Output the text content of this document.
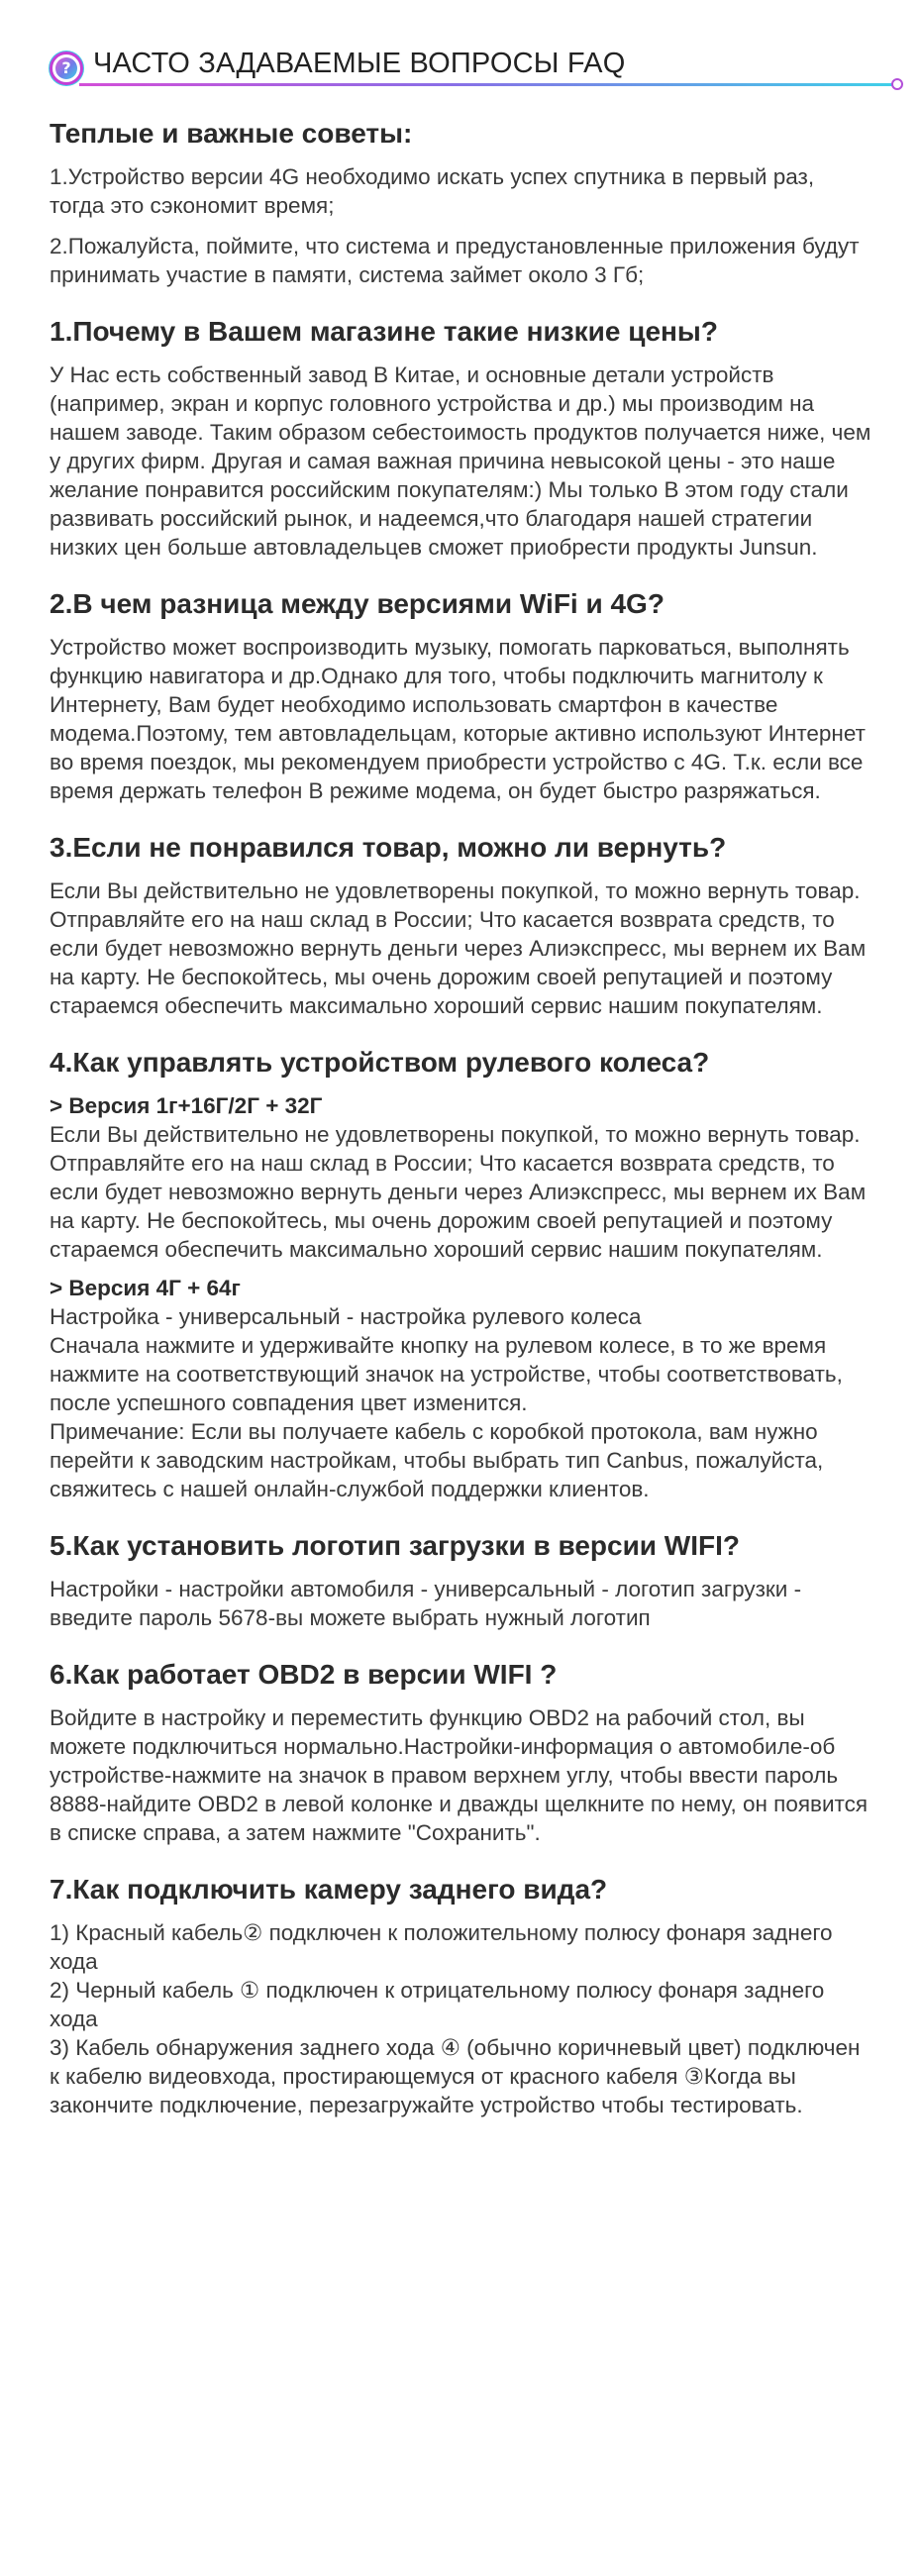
? ЧАСТО ЗАДАВАЕМЫЕ ВОПРОСЫ FAQ
Теплые и важные советы:

1.Устройство версии 4G необходимо искать успех спутника в первый раз, тогда это сэкономит время;

2.Пожалуйста, поймите, что система и предустановленные приложения будут принимать участие в памяти, система займет около 3 Гб;

1.Почему в Вашем магазине такие низкие цены?

У Нас есть собственный завод В Китае, и основные детали устройств (например, экран и корпус головного устройства и др.) мы производим на нашем заводе. Таким образом себестоимость продуктов получается ниже, чем у других фирм. Другая и самая важная причина невысокой цены - это наше желание понравится российским покупателям:) Мы только В этом году стали развивать российский рынок, и надеемся,что благодаря нашей стратегии низких цен больше автовладельцев сможет приобрести продукты Junsun.

2.В чем разница между версиями WiFi и 4G?

Устройство может воспроизводить музыку, помогать парковаться, выполнять функцию навигатора и др.Однако для того, чтобы подключить магнитолу к Интернету, Вам будет необходимо использовать смартфон в качестве модема.Поэтому, тем автовладельцам, которые активно используют Интернет во время поездок, мы рекомендуем приобрести устройство с 4G. Т.к. если все время держать телефон В режиме модема, он будет быстро разряжаться.

3.Если не понравился товар, можно ли вернуть?

Если Вы действительно не удовлетворены покупкой, то можно вернуть товар. Отправляйте его на наш склад в России; Что касается возврата средств, то если будет невозможно вернуть деньги через Алиэкспресс, мы вернем их Вам на карту. Не беспокойтесь, мы очень дорожим своей репутацией и поэтому стараемся обеспечить максимально хороший сервис нашим покупателям.

4.Как управлять устройством рулевого колеса?
> Версия 1г+16Г/2Г + 32Г

Если Вы действительно не удовлетворены покупкой, то можно вернуть товар. Отправляйте его на наш склад в России; Что касается возврата средств, то если будет невозможно вернуть деньги через Алиэкспресс, мы вернем их Вам на карту. Не беспокойтесь, мы очень дорожим своей репутацией и поэтому стараемся обеспечить максимально хороший сервис нашим покупателям.

> Версия 4Г + 64г

Настройка - универсальный - настройка рулевого колеса

Сначала нажмите и удерживайте кнопку на рулевом колесе, в то же время нажмите на соответствующий значок на устройстве, чтобы соответствовать, после успешного совпадения цвет изменится.

Примечание: Если вы получаете кабель с коробкой протокола, вам нужно перейти к заводским настройкам, чтобы выбрать тип Canbus, пожалуйста, свяжитесь с нашей онлайн-службой поддержки клиентов.

5.Как установить логотип загрузки в версии WIFI?

Настройки - настройки автомобиля - универсальный - логотип загрузки - введите пароль 5678-вы можете выбрать нужный логотип

6.Как работает OBD2 в версии WIFI ?

Войдите в настройку и переместить функцию OBD2 на рабочий стол, вы можете подключиться нормально.Настройки-информация о автомобиле-об устройстве-нажмите на значок в правом верхнем углу, чтобы ввести пароль 8888-найдите OBD2 в левой колонке и дважды щелкните по нему, он появится в списке справа, а затем нажмите "Сохранить".

7.Как подключить камеру заднего вида?

1) Красный кабель② подключен к положительному полюсу фонаря заднего хода

2) Черный кабель ① подключен к отрицательному полюсу фонаря заднего хода

3) Кабель обнаружения заднего хода ④ (обычно коричневый цвет) подключен к кабелю видеовхода, простирающемуся от красного кабеля ③Когда вы закончите подключение, перезагружайте устройство чтобы тестировать.
